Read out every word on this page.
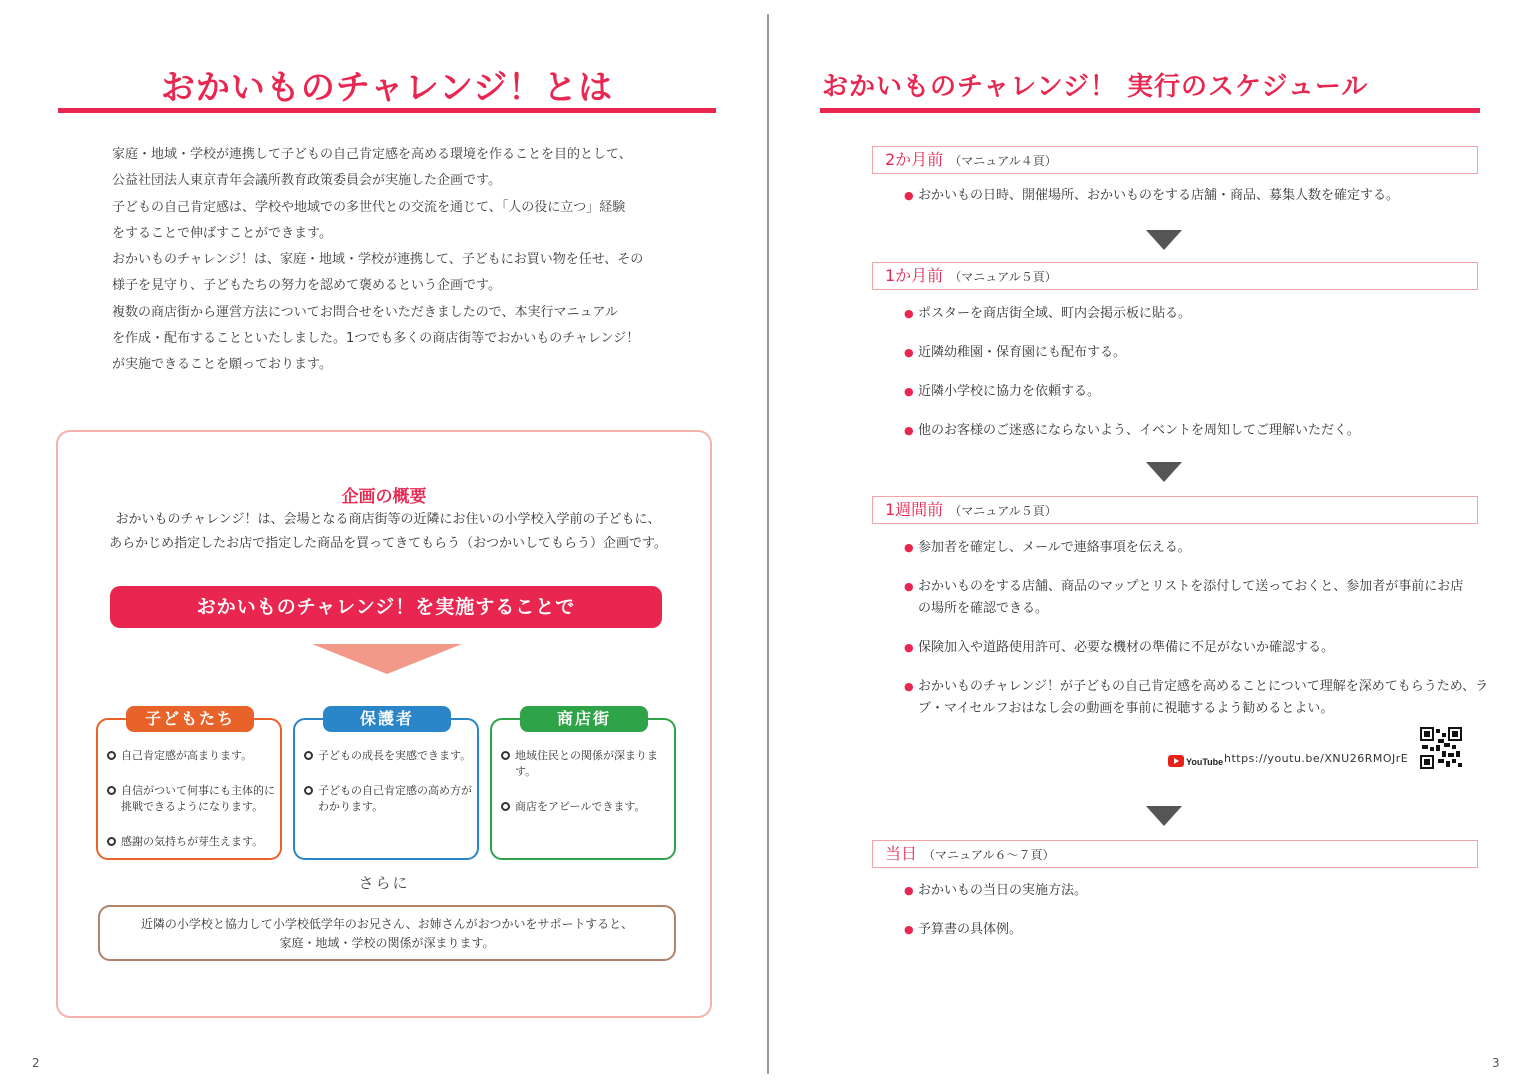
おかいものチャレンジ！とは

家庭・地域・学校が連携して子どもの自己肯定感を高める環境を作ることを目的として、

公益社団法人東京青年会議所教育政策委員会が実施した企画です。

子どもの自己肯定感は、学校や地域での多世代との交流を通じて、「人の役に立つ」経験

をすることで伸ばすことができます。

おかいものチャレンジ！は、家庭・地域・学校が連携して、子どもにお買い物を任せ、その

様子を見守り、子どもたちの努力を認めて褒めるという企画です。

複数の商店街から運営方法についてお問合せをいただきましたので、本実行マニュアル

を作成・配布することといたしました。1つでも多くの商店街等でおかいものチャレンジ！

が実施できることを願っております。

企画の概要

おかいものチャレンジ！は、会場となる商店街等の近隣にお住いの小学校入学前の子どもに、

あらかじめ指定したお店で指定した商品を買ってきてもらう（おつかいしてもらう）企画です。

おかいものチャレンジ！を実施することで
子どもたち
自己肯定感が高まります。
自信がついて何事にも主体的に挑戦できるようになります。
感謝の気持ちが芽生えます。
保護者
子どもの成長を実感できます。
子どもの自己肯定感の高め方がわかります。
商店街
地域住民との関係が深まります。
商店をアピールできます。
さらに

近隣の小学校と協力して小学校低学年のお兄さん、お姉さんがおつかいをサポートすると、

家庭・地域・学校の関係が深まります。

2
おかいものチャレンジ！ 実行のスケジュール
2か月前 （マニュアル４頁）
● おかいもの日時、開催場所、おかいものをする店舗・商品、募集人数を確定する。
1か月前 （マニュアル５頁）
● ポスターを商店街全域、町内会掲示板に貼る。
● 近隣幼稚園・保育園にも配布する。
● 近隣小学校に協力を依頼する。
● 他のお客様のご迷惑にならないよう、イベントを周知してご理解いただく。
1週間前 （マニュアル５頁）
● 参加者を確定し、メールで連絡事項を伝える。
● おかいものをする店舗、商品のマップとリストを添付して送っておくと、参加者が事前にお店の場所を確認できる。
● 保険加入や道路使用許可、必要な機材の準備に不足がないか確認する。
● おかいものチャレンジ！が子どもの自己肯定感を高めることについて理解を深めてもらうため、ラブ・マイセルフおはなし会の動画を事前に視聴するよう勧めるとよい。
YouTube https://youtu.be/XNU26RMOJrE
当日 （マニュアル６～７頁）
● おかいもの当日の実施方法。
● 予算書の具体例。
3
